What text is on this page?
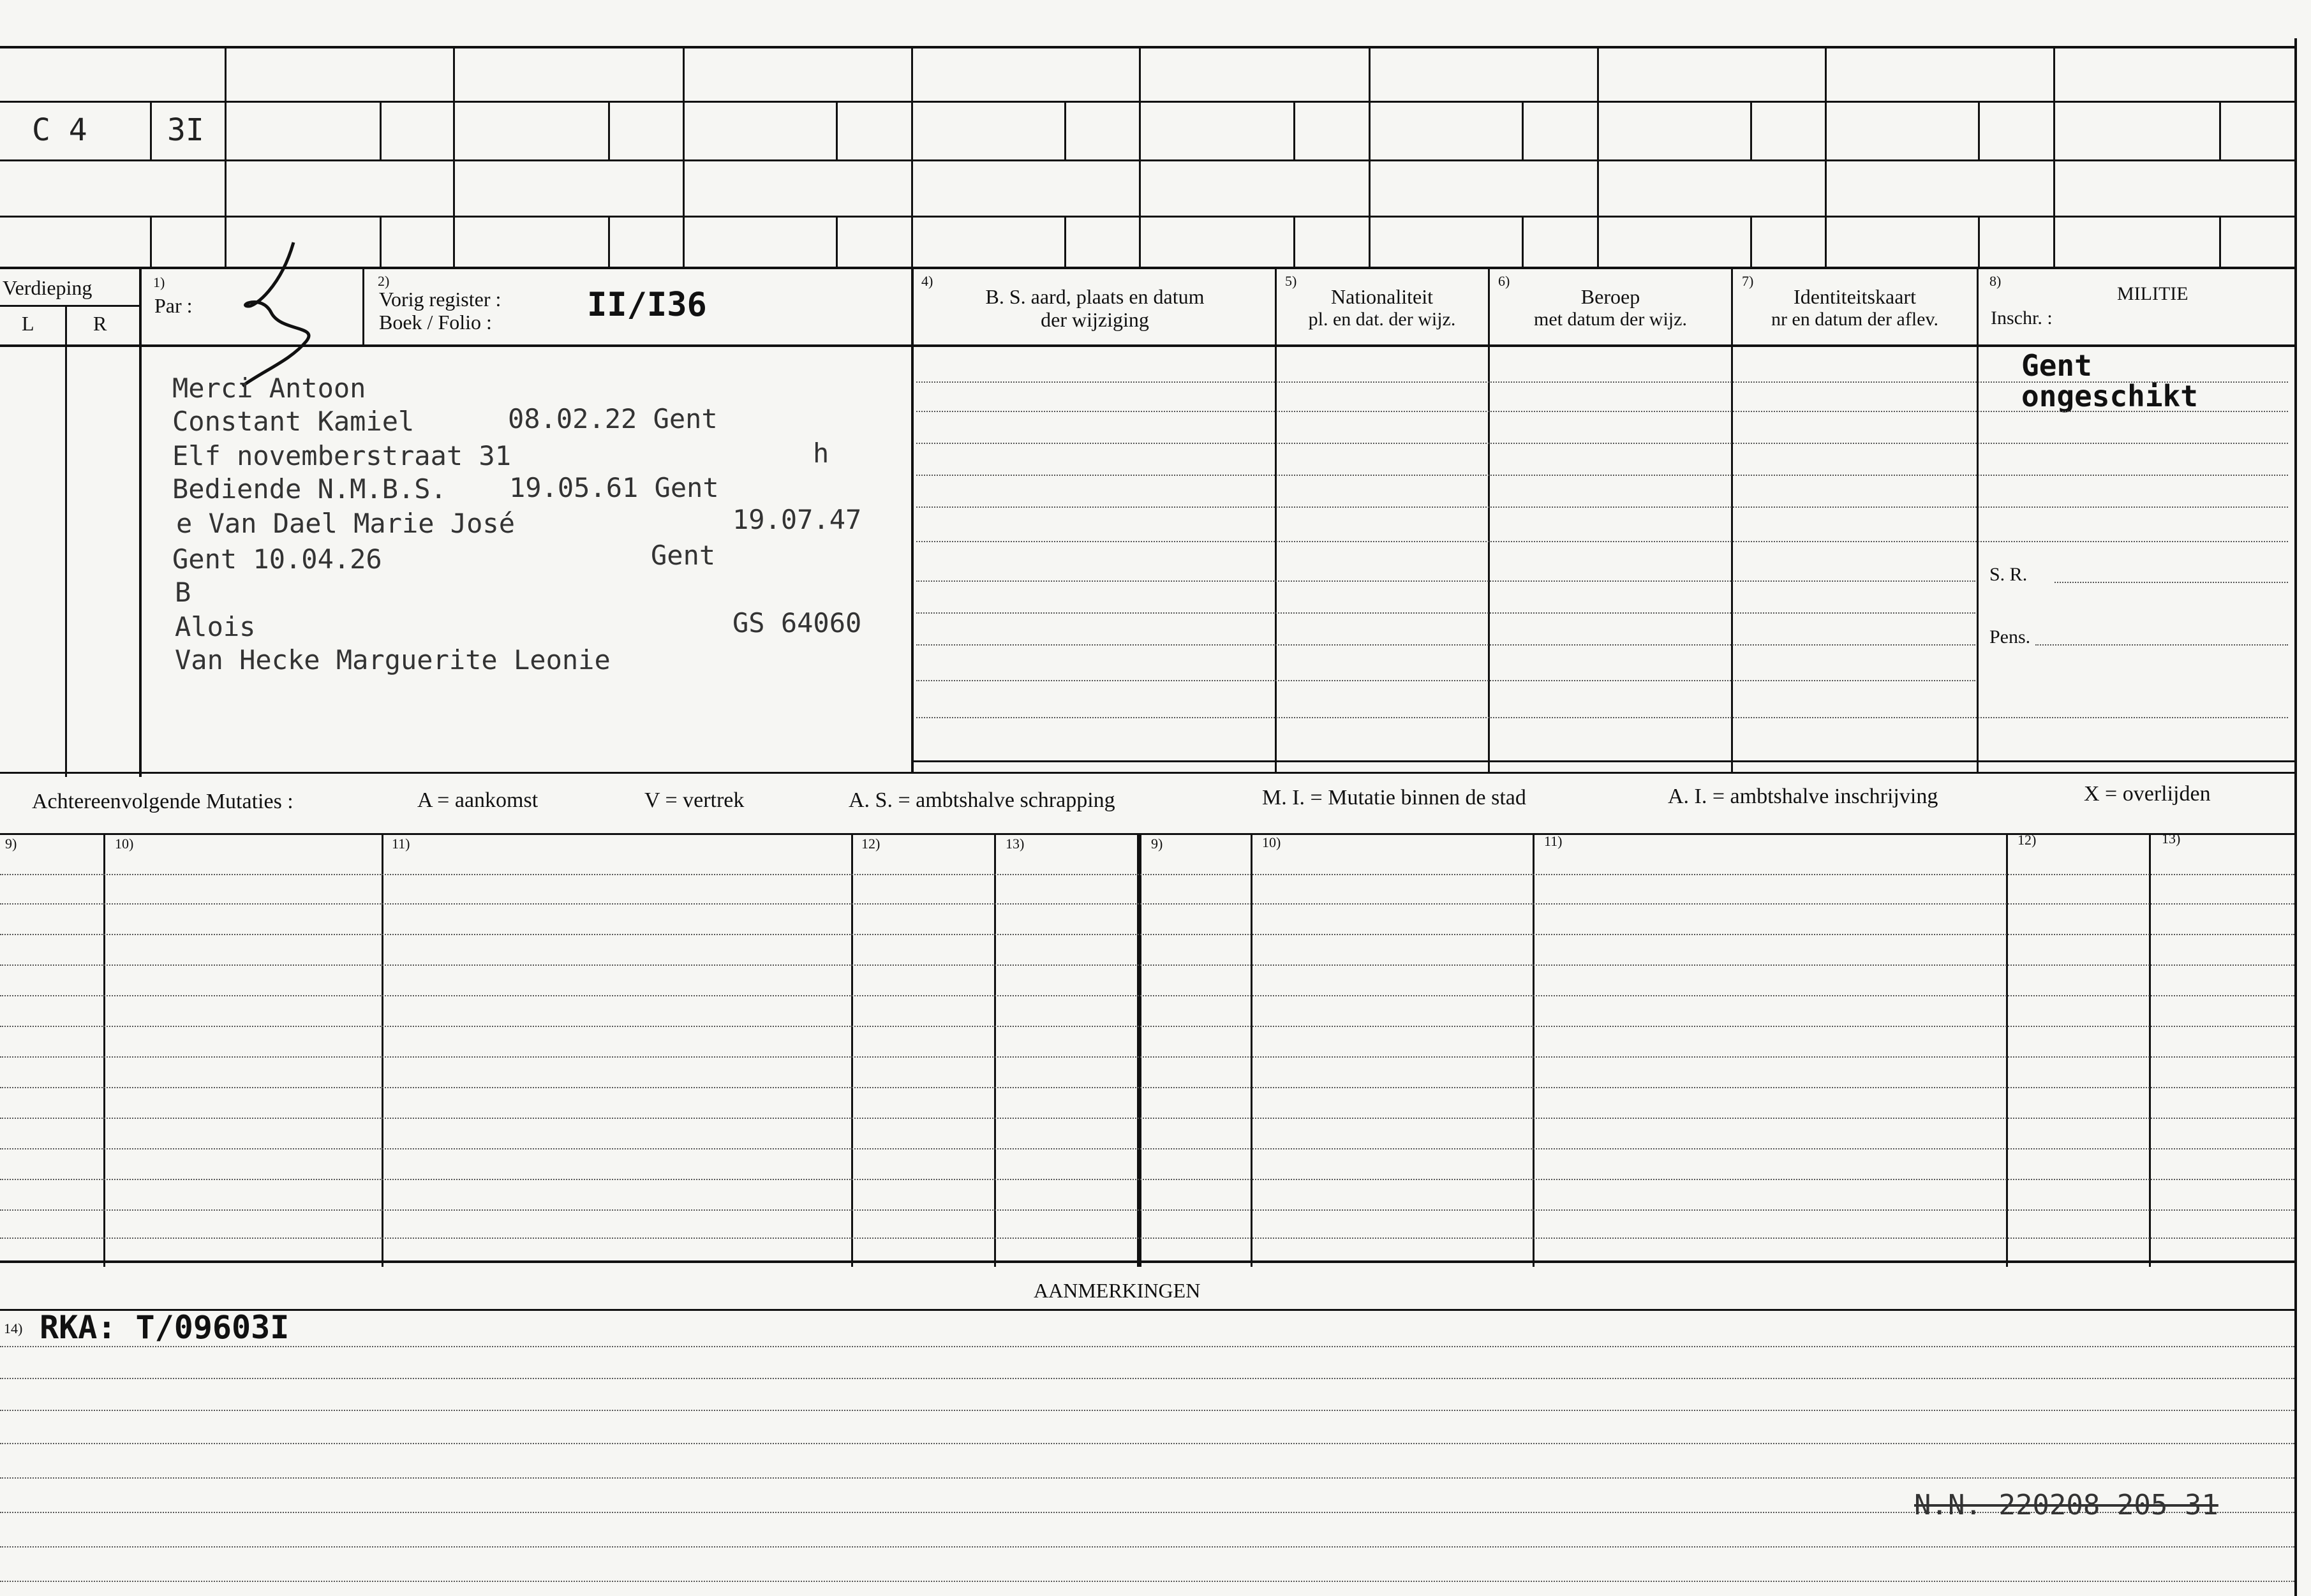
C 4	3I
Verdieping
L	R
1)
Par :
2)
Vorig register :
Boek / Folio :	II/I36
4)
B. S. aard, plaats en datum
der wijziging
5)
Nationaliteit
pl. en dat. der wijz.
6)
Beroep
met datum der wijz.
7)
Identiteitskaart
nr en datum der aflev.
8)
MILITIE
Inschr. :
Gent
ongeschikt
S. R.
Pens.
Merci Antoon
Constant Kamiel	08.02.22 Gent
Elf novemberstraat 31	h
Bediende N.M.B.S. 19.05.61 Gent
e Van Dael Marie José	19.07.47
Gent 10.04.26	Gent
B
Alois	GS 64060
Van Hecke Marguerite Leonie
Achtereenvolgende Mutaties :	A = aankomst	V = vertrek	A. S. = ambtshalve schrapping	M. I. = Mutatie binnen de stad	A. I. = ambtshalve inschrijving	X = overlijden
9)	10)	11)	12)	13)	9)	10)	11)	12)	13)
AANMERKINGEN
14) RKA: T/09603I
N.N. 220208 205 31
